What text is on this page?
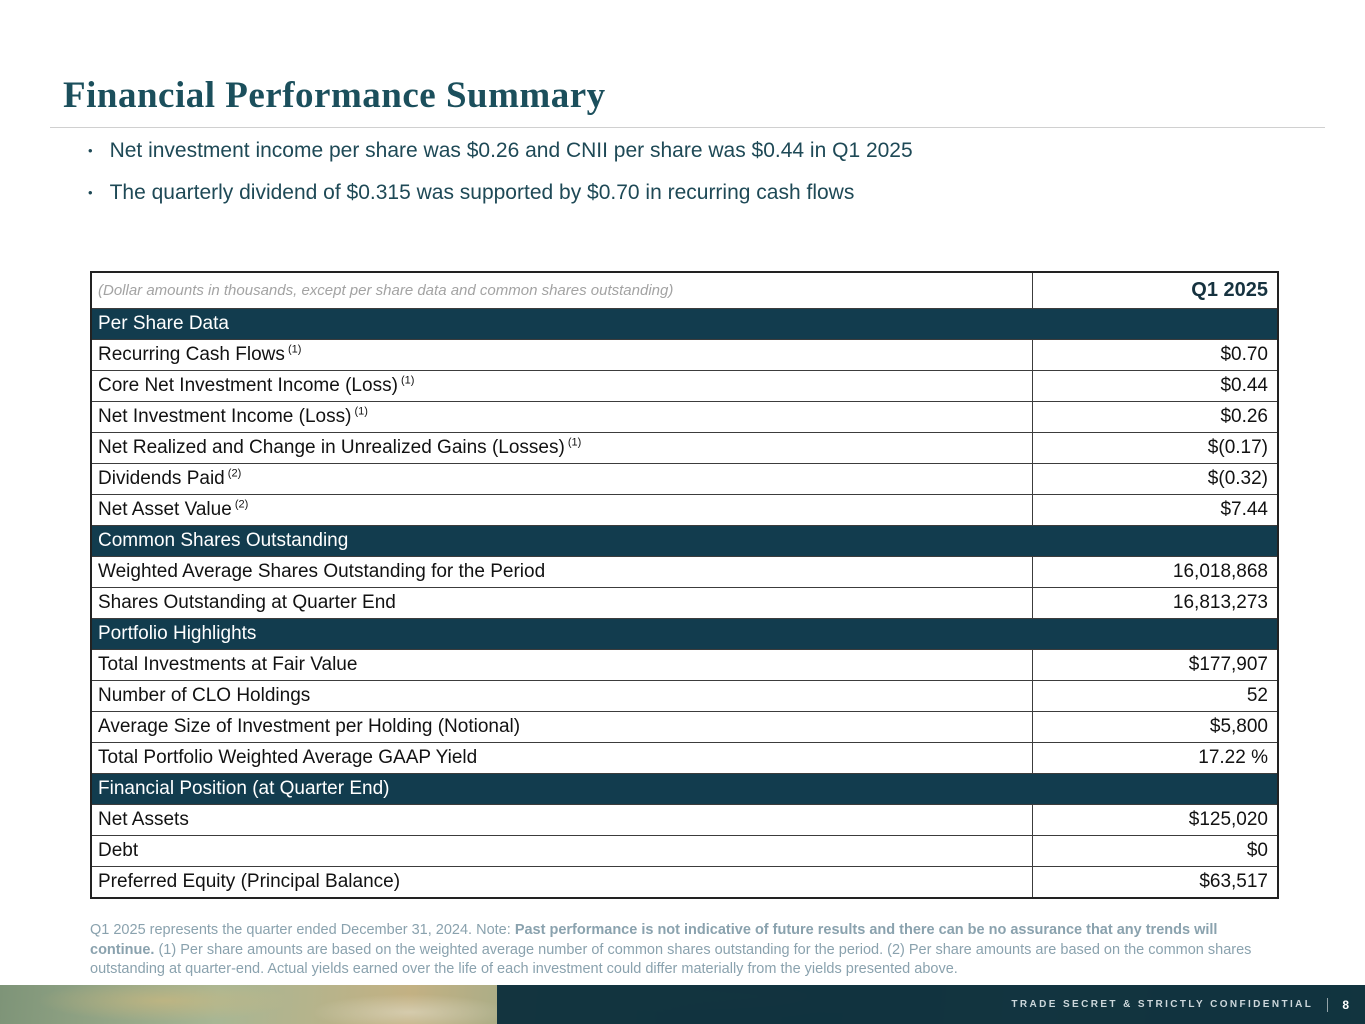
Financial Performance Summary
• Net investment income per share was $0.26 and CNII per share was $0.44 in Q1 2025
• The quarterly dividend of $0.315 was supported by $0.70 in recurring cash flows
(Dollar amounts in thousands, except per share data and common shares outstanding)	Q1 2025
Per Share Data	
Recurring Cash Flows $^{(1)}$	$0.70
Core Net Investment Income (Loss) $^{(1)}$	$0.44
Net Investment Income (Loss) $^{(1)}$	$0.26
Net Realized and Change in Unrealized Gains (Losses) $^{(1)}$	$(0.17)
Dividends Paid $^{(2)}$	$(0.32)
Net Asset Value $^{(2)}$	$7.44
Common Shares Outstanding	
Weighted Average Shares Outstanding for the Period	16,018,868
Shares Outstanding at Quarter End	16,813,273
Portfolio Highlights	
Total Investments at Fair Value	$177,907
Number of CLO Holdings	52
Average Size of Investment per Holding (Notional)	$5,800
Total Portfolio Weighted Average GAAP Yield	17.22 %
Financial Position (at Quarter End)	
Net Assets	$125,020
Debt	$0
Preferred Equity (Principal Balance)	$63,517

Q1 2025 represents the quarter ended December 31, 2024. Note: Past performance is not indicative of future results and there can be no assurance that any trends will continue. (1) Per share amounts are based on the weighted average number of common shares outstanding for the period. (2) Per share amounts are based on the common shares outstanding at quarter-end. Actual yields earned over the life of each investment could differ materially from the yields presented above.

TRADE SECRET & STRICTLY CONFIDENTIAL 8
